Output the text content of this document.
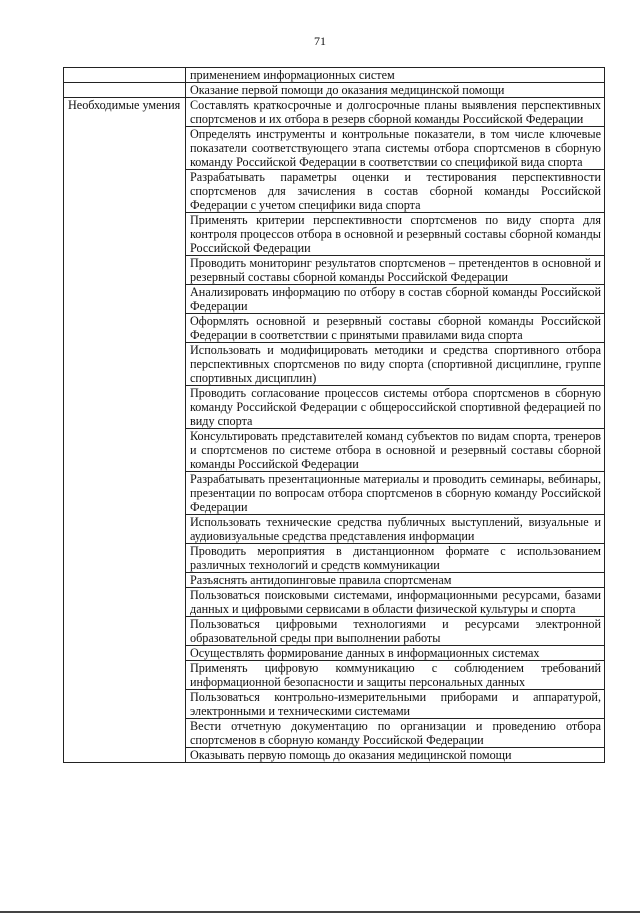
71
	применением информационных систем
	Оказание первой помощи до оказания медицинской помощи
Необходимые умения	Составлять краткосрочные и долгосрочные планы выявления перспективных спортсменов и их отбора в резерв сборной команды Российской Федерации
	Определять инструменты и контрольные показатели, в том числе ключевые показатели соответствующего этапа системы отбора спортсменов в сборную команду Российской Федерации в соответствии со спецификой вида спорта
	Разрабатывать параметры оценки и тестирования перспективности спортсменов для зачисления в состав сборной команды Российской Федерации с учетом специфики вида спорта
	Применять критерии перспективности спортсменов по виду спорта для контроля процессов отбора в основной и резервный составы сборной команды Российской Федерации
	Проводить мониторинг результатов спортсменов – претендентов в основной и резервный составы сборной команды Российской Федерации
	Анализировать информацию по отбору в состав сборной команды Российской Федерации
	Оформлять основной и резервный составы сборной команды Российской Федерации в соответствии с принятыми правилами вида спорта
	Использовать и модифицировать методики и средства спортивного отбора перспективных спортсменов по виду спорта (спортивной дисциплине, группе спортивных дисциплин)
	Проводить согласование процессов системы отбора спортсменов в сборную команду Российской Федерации с общероссийской спортивной федерацией по виду спорта
	Консультировать представителей команд субъектов по видам спорта, тренеров и спортсменов по системе отбора в основной и резервный составы сборной команды Российской Федерации
	Разрабатывать презентационные материалы и проводить семинары, вебинары, презентации по вопросам отбора спортсменов в сборную команду Российской Федерации
	Использовать технические средства публичных выступлений, визуальные и аудиовизуальные средства представления информации
	Проводить мероприятия в дистанционном формате с использованием различных технологий и средств коммуникации
	Разъяснять антидопинговые правила спортсменам
	Пользоваться поисковыми системами, информационными ресурсами, базами данных и цифровыми сервисами в области физической культуры и спорта
	Пользоваться цифровыми технологиями и ресурсами электронной образовательной среды при выполнении работы
	Осуществлять формирование данных в информационных системах
	Применять цифровую коммуникацию с соблюдением требований информационной безопасности и защиты персональных данных
	Пользоваться контрольно-измерительными приборами и аппаратурой, электронными и техническими системами
	Вести отчетную документацию по организации и проведению отбора спортсменов в сборную команду Российской Федерации
	Оказывать первую помощь до оказания медицинской помощи
